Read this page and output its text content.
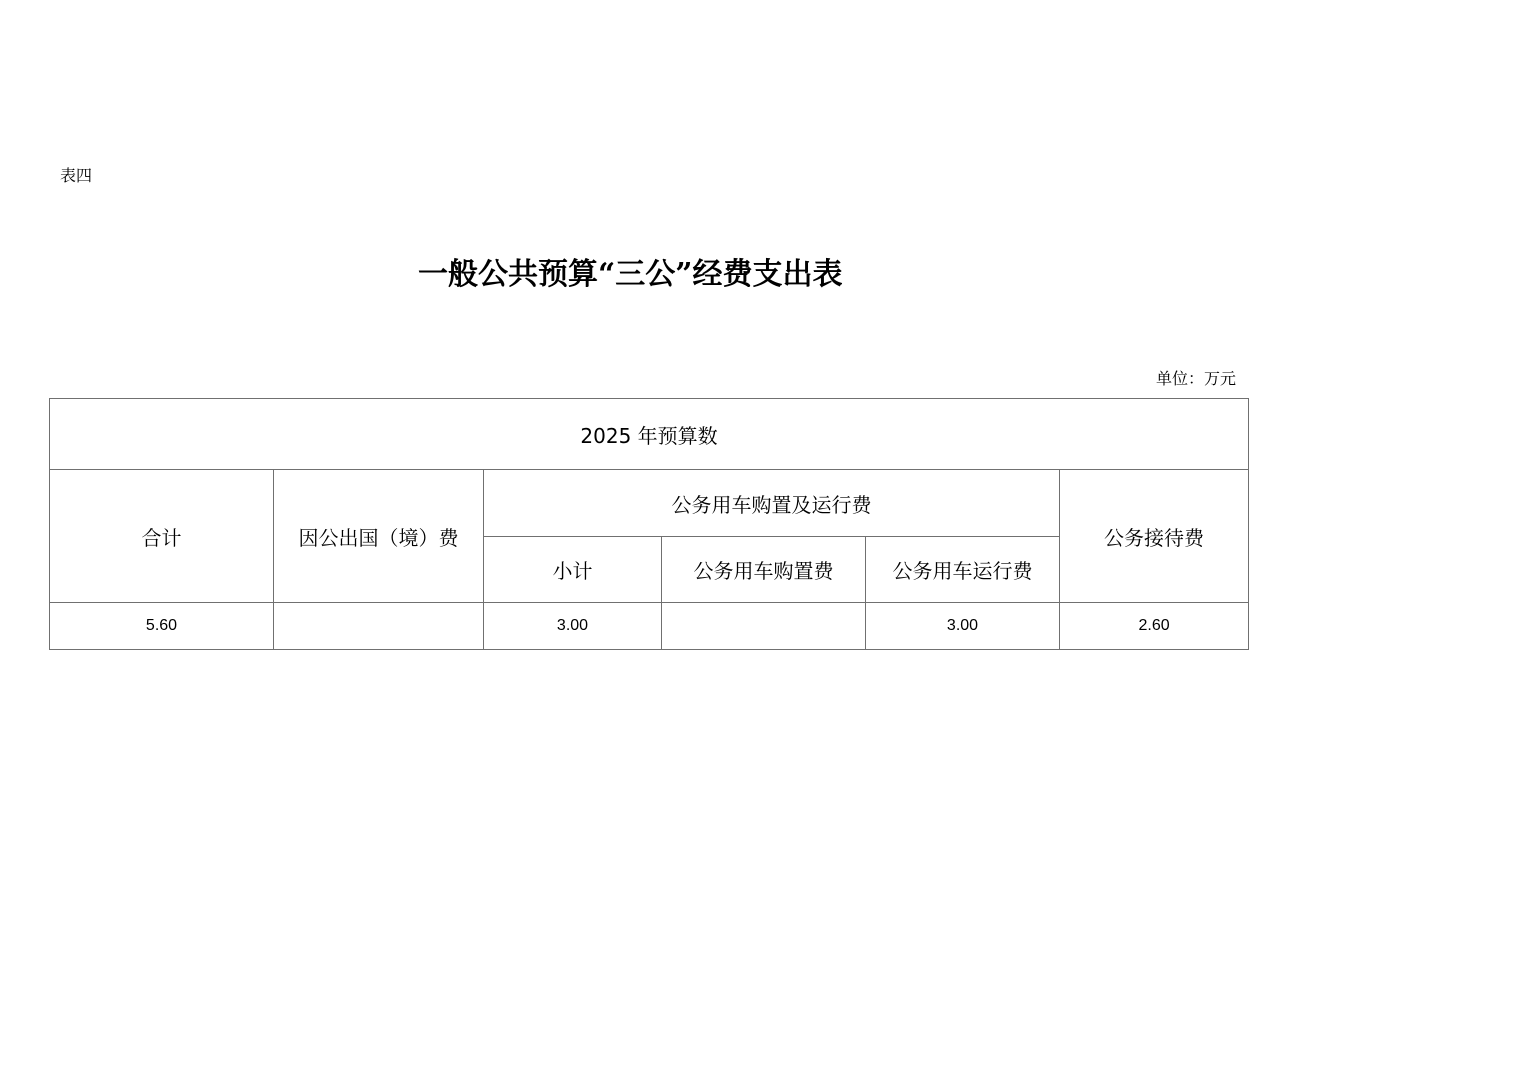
表四
一般公共预算“三公”经费支出表
单位：万元
2025 年预算数					
合计	因公出国（境）费	公务用车购置及运行费			公务接待费
		小计	公务用车购置费	公务用车运行费	
5.60		3.00		3.00	2.60
